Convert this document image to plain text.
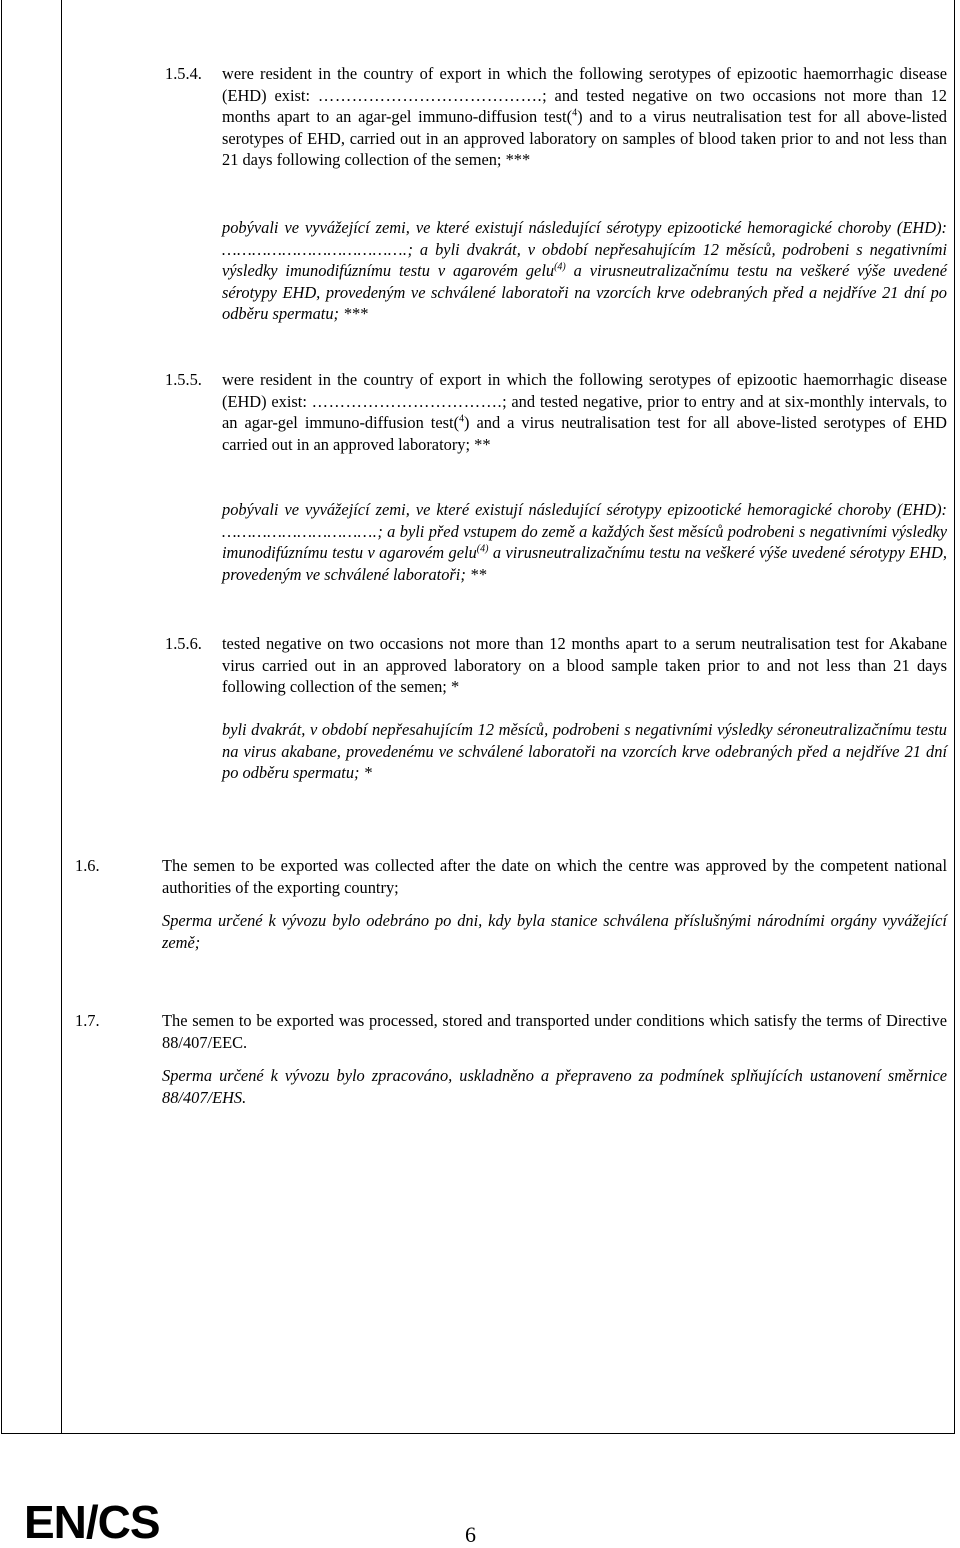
1.5.4. were resident in the country of export in which the following serotypes of epizootic haemorrhagic disease (EHD) exist: ………………………………….; and tested negative on two occasions not more than 12 months apart to an agar-gel immuno-diffusion test($^4$) and to a virus neutralisation test for all above-listed serotypes of EHD, carried out in an approved laboratory on samples of blood taken prior to and not less than 21 days following collection of the semen; ***
pobývali ve vyvážející zemi, ve které existují následující sérotypy epizootické hemoragické choroby (EHD): ……………………………….; a byli dvakrát, v období nepřesahujícím 12 měsíců, podrobeni s negativními výsledky imunodifúznímu testu v agarovém gelu$^{(4)}$ a virusneutralizačnímu testu na veškeré výše uvedené sérotypy EHD, provedeným ve schválené laboratoři na vzorcích krve odebraných před a nejdříve 21 dní po odběru spermatu; ***
1.5.5. were resident in the country of export in which the following serotypes of epizootic haemorrhagic disease (EHD) exist: …………………………….; and tested negative, prior to entry and at six-monthly intervals, to an agar-gel immuno-diffusion test($^4$) and a virus neutralisation test for all above-listed serotypes of EHD carried out in an approved laboratory; **
pobývali ve vyvážející zemi, ve které existují následující sérotypy epizootické hemoragické choroby (EHD): ………………………….; a byli před vstupem do země a každých šest měsíců podrobeni s negativními výsledky imunodifúznímu testu v agarovém gelu$^{(4)}$ a virusneutralizačnímu testu na veškeré výše uvedené sérotypy EHD, provedeným ve schválené laboratoři; **
1.5.6. tested negative on two occasions not more than 12 months apart to a serum neutralisation test for Akabane virus carried out in an approved laboratory on a blood sample taken prior to and not less than 21 days following collection of the semen; *
byli dvakrát, v období nepřesahujícím 12 měsíců, podrobeni s negativními výsledky séroneutralizačnímu testu na virus akabane, provedenému ve schválené laboratoři na vzorcích krve odebraných před a nejdříve 21 dní po odběru spermatu; *
1.6.	The semen to be exported was collected after the date on which the centre was approved by the competent national authorities of the exporting country;
Sperma určené k vývozu bylo odebráno po dni, kdy byla stanice schválena příslušnými národními orgány vyvážející země;
1.7.	The semen to be exported was processed, stored and transported under conditions which satisfy the terms of Directive 88/407/EEC.
Sperma určené k vývozu bylo zpracováno, uskladněno a přepraveno za podmínek splňujících ustanovení směrnice 88/407/EHS.
EN/CS	6
